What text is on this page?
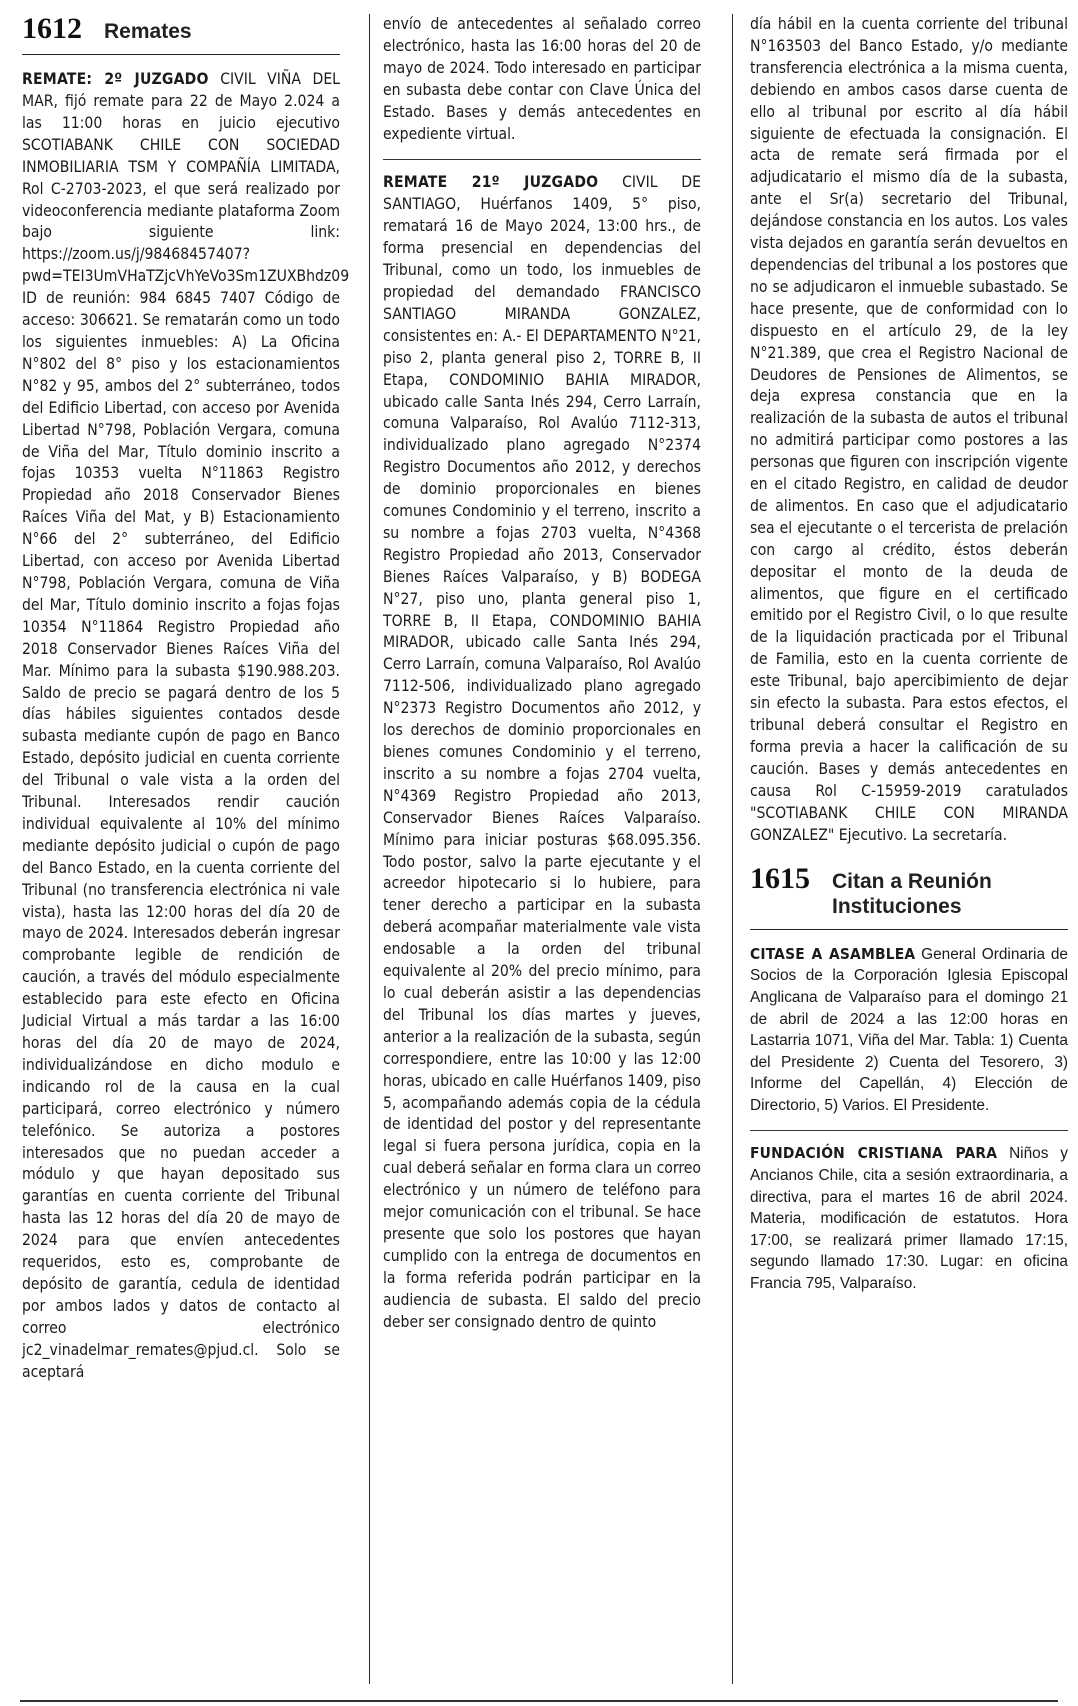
1612 Remates

REMATE: 2º JUZGADO CIVIL VIÑA DEL MAR, fijó remate para 22 de Mayo 2.024 a las 11:00 horas en juicio ejecutivo SCOTIABANK CHILE CON SOCIEDAD INMOBILIARIA TSM Y COMPAÑÍA LIMITADA, Rol C-2703-2023, el que será realizado por videoconferencia mediante plataforma Zoom bajo siguiente link: https://zoom.us/j/98468457407?pwd=TEI3UmVHaTZjcVhYeVo3Sm1ZUXBhdz09 ID de reunión: 984 6845 7407 Código de acceso: 306621. Se rematarán como un todo los siguientes inmuebles: A) La Oficina N°802 del 8° piso y los estacionamientos N°82 y 95, ambos del 2° subterráneo, todos del Edificio Libertad, con acceso por Avenida Libertad N°798, Población Vergara, comuna de Viña del Mar, Título dominio inscrito a fojas 10353 vuelta N°11863 Registro Propiedad año 2018 Conservador Bienes Raíces Viña del Mat, y B) Estacionamiento N°66 del 2° subterráneo, del Edificio Libertad, con acceso por Avenida Libertad N°798, Población Vergara, comuna de Viña del Mar, Título dominio inscrito a fojas fojas 10354 N°11864 Registro Propiedad año 2018 Conservador Bienes Raíces Viña del Mar. Mínimo para la subasta $190.988.203. Saldo de precio se pagará dentro de los 5 días hábiles siguientes contados desde subasta mediante cupón de pago en Banco Estado, depósito judicial en cuenta corriente del Tribunal o vale vista a la orden del Tribunal. Interesados rendir caución individual equivalente al 10% del mínimo mediante depósito judicial o cupón de pago del Banco Estado, en la cuenta corriente del Tribunal (no transferencia electrónica ni vale vista), hasta las 12:00 horas del día 20 de mayo de 2024. Interesados deberán ingresar comprobante legible de rendición de caución, a través del módulo especialmente establecido para este efecto en Oficina Judicial Virtual a más tardar a las 16:00 horas del día 20 de mayo de 2024, individualizándose en dicho modulo e indicando rol de la causa en la cual participará, correo electrónico y número telefónico. Se autoriza a postores interesados que no puedan acceder a módulo y que hayan depositado sus garantías en cuenta corriente del Tribunal hasta las 12 horas del día 20 de mayo de 2024 para que envíen antecedentes requeridos, esto es, comprobante de depósito de garantía, cedula de identidad por ambos lados y datos de contacto al correo electrónico jc2_vinadelmar_remates@pjud.cl. Solo se aceptará

envío de antecedentes al señalado correo electrónico, hasta las 16:00 horas del 20 de mayo de 2024. Todo interesado en participar en subasta debe contar con Clave Única del Estado. Bases y demás antecedentes en expediente virtual.

REMATE 21º JUZGADO CIVIL DE SANTIAGO, Huérfanos 1409, 5° piso, rematará 16 de Mayo 2024, 13:00 hrs., de forma presencial en dependencias del Tribunal, como un todo, los inmuebles de propiedad del demandado FRANCISCO SANTIAGO MIRANDA GONZALEZ, consistentes en: A.- El DEPARTAMENTO N°21, piso 2, planta general piso 2, TORRE B, II Etapa, CONDOMINIO BAHIA MIRADOR, ubicado calle Santa Inés 294, Cerro Larraín, comuna Valparaíso, Rol Avalúo 7112-313, individualizado plano agregado N°2374 Registro Documentos año 2012, y derechos de dominio proporcionales en bienes comunes Condominio y el terreno, inscrito a su nombre a fojas 2703 vuelta, N°4368 Registro Propiedad año 2013, Conservador Bienes Raíces Valparaíso, y B) BODEGA N°27, piso uno, planta general piso 1, TORRE B, II Etapa, CONDOMINIO BAHIA MIRADOR, ubicado calle Santa Inés 294, Cerro Larraín, comuna Valparaíso, Rol Avalúo 7112-506, individualizado plano agregado N°2373 Registro Documentos año 2012, y los derechos de dominio proporcionales en bienes comunes Condominio y el terreno, inscrito a su nombre a fojas 2704 vuelta, N°4369 Registro Propiedad año 2013, Conservador Bienes Raíces Valparaíso. Mínimo para iniciar posturas $68.095.356. Todo postor, salvo la parte ejecutante y el acreedor hipotecario si lo hubiere, para tener derecho a participar en la subasta deberá acompañar materialmente vale vista endosable a la orden del tribunal equivalente al 20% del precio mínimo, para lo cual deberán asistir a las dependencias del Tribunal los días martes y jueves, anterior a la realización de la subasta, según correspondiere, entre las 10:00 y las 12:00 horas, ubicado en calle Huérfanos 1409, piso 5, acompañando además copia de la cédula de identidad del postor y del representante legal si fuera persona jurídica, copia en la cual deberá señalar en forma clara un correo electrónico y un número de teléfono para mejor comunicación con el tribunal. Se hace presente que solo los postores que hayan cumplido con la entrega de documentos en la forma referida podrán participar en la audiencia de subasta. El saldo del precio deber ser consignado dentro de quinto

día hábil en la cuenta corriente del tribunal N°163503 del Banco Estado, y/o mediante transferencia electrónica a la misma cuenta, debiendo en ambos casos darse cuenta de ello al tribunal por escrito al día hábil siguiente de efectuada la consignación. El acta de remate será firmada por el adjudicatario el mismo día de la subasta, ante el Sr(a) secretario del Tribunal, dejándose constancia en los autos. Los vales vista dejados en garantía serán devueltos en dependencias del tribunal a los postores que no se adjudicaron el inmueble subastado. Se hace presente, que de conformidad con lo dispuesto en el artículo 29, de la ley N°21.389, que crea el Registro Nacional de Deudores de Pensiones de Alimentos, se deja expresa constancia que en la realización de la subasta de autos el tribunal no admitirá participar como postores a las personas que figuren con inscripción vigente en el citado Registro, en calidad de deudor de alimentos. En caso que el adjudicatario sea el ejecutante o el tercerista de prelación con cargo al crédito, éstos deberán depositar el monto de la deuda de alimentos, que figure en el certificado emitido por el Registro Civil, o lo que resulte de la liquidación practicada por el Tribunal de Familia, esto en la cuenta corriente de este Tribunal, bajo apercibimiento de dejar sin efecto la subasta. Para estos efectos, el tribunal deberá consultar el Registro en forma previa a hacer la calificación de su caución. Bases y demás antecedentes en causa Rol C-15959-2019 caratulados "SCOTIABANK CHILE CON MIRANDA GONZALEZ" Ejecutivo. La secretaría.

1615 Citan a Reunión Instituciones

CITASE A ASAMBLEA General Ordinaria de Socios de la Corporación Iglesia Episcopal Anglicana de Valparaíso para el domingo 21 de abril de 2024 a las 12:00 horas en Lastarria 1071, Viña del Mar. Tabla: 1) Cuenta del Presidente 2) Cuenta del Tesorero, 3) Informe del Capellán, 4) Elección de Directorio, 5) Varios. El Presidente.

FUNDACIÓN CRISTIANA PARA Niños y Ancianos Chile, cita a sesión extraordinaria, a directiva, para el martes 16 de abril 2024. Materia, modificación de estatutos. Hora 17:00, se realizará primer llamado 17:15, segundo llamado 17:30. Lugar: en oficina Francia 795, Valparaíso.
